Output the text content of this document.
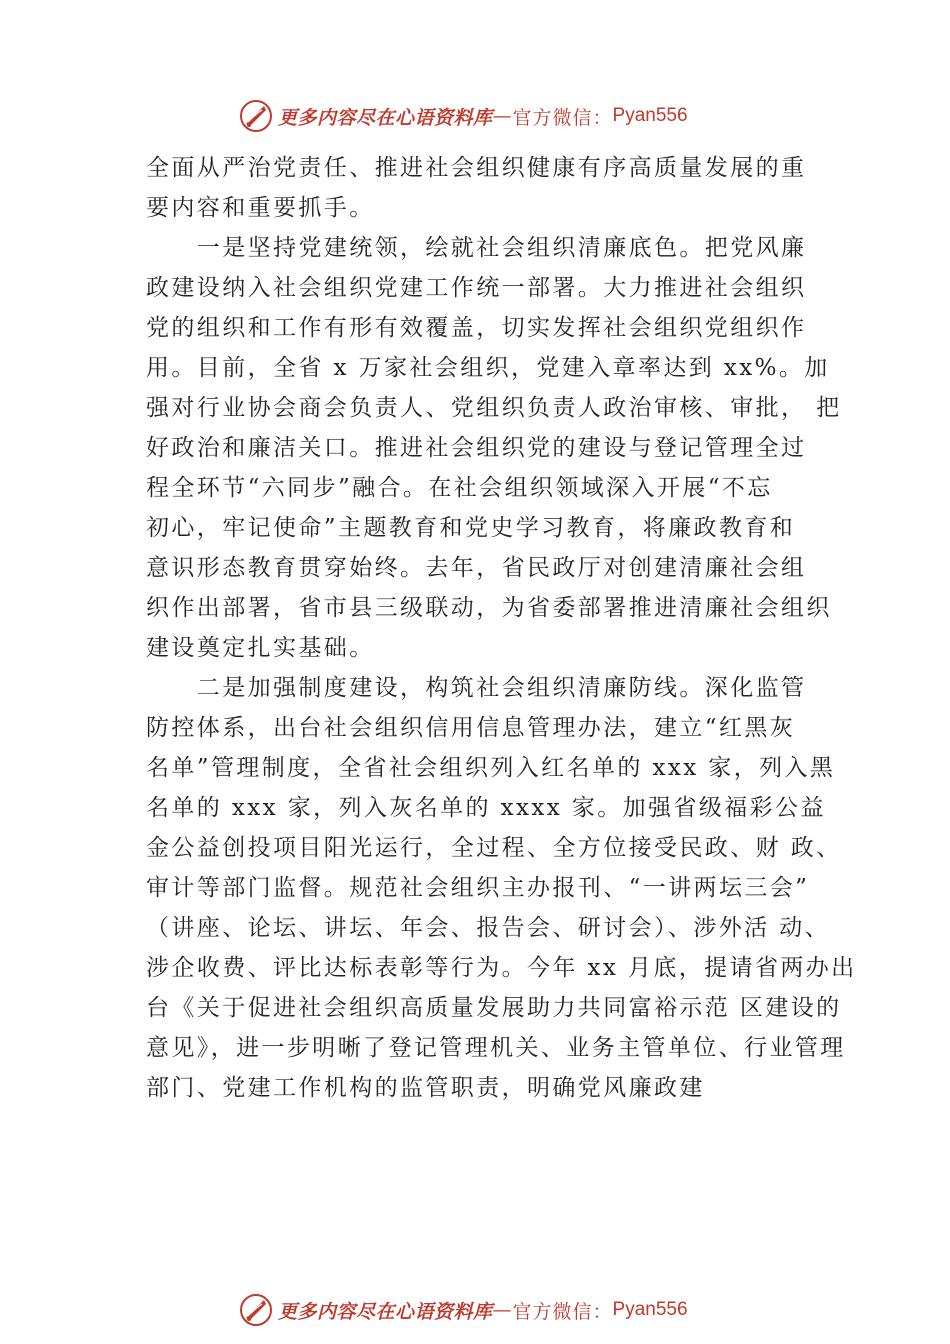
更多内容尽在心语资料库 — 官方微信： Pyan556
全面从严治党责任、推进社会组织健康有序高质量发展的重
要内容和重要抓手。
　　一是坚持党建统领，绘就社会组织清廉底色。把党风廉
政建设纳入社会组织党建工作统一部署。大力推进社会组织
党的组织和工作有形有效覆盖，切实发挥社会组织党组织作
用。目前，全省 x 万家社会组织，党建入章率达到 xx%。加
强对行业协会商会负责人、党组织负责人政治审核、审批， 把
好政治和廉洁关口。推进社会组织党的建设与登记管理全过
程全环节“六同步”融合。在社会组织领域深入开展“不忘
初心，牢记使命”主题教育和党史学习教育，将廉政教育和
意识形态教育贯穿始终。去年，省民政厅对创建清廉社会组
织作出部署，省市县三级联动，为省委部署推进清廉社会组织
建设奠定扎实基础。
　　二是加强制度建设，构筑社会组织清廉防线。深化监管
防控体系，出台社会组织信用信息管理办法，建立“红黑灰
名单”管理制度，全省社会组织列入红名单的 xxx 家，列入黑
名单的 xxx 家，列入灰名单的 xxxx 家。加强省级福彩公益
金公益创投项目阳光运行，全过程、全方位接受民政、财 政、
审计等部门监督。规范社会组织主办报刊、“一讲两坛三会”
（讲座、论坛、讲坛、年会、报告会、研讨会）、涉外活 动、
涉企收费、评比达标表彰等行为。今年 xx 月底，提请省两办出
台《关于促进社会组织高质量发展助力共同富裕示范 区建设的
意见》，进一步明晰了登记管理机关、业务主管单位、行业管理
部门、党建工作机构的监管职责，明确党风廉政建
更多内容尽在心语资料库 — 官方微信： Pyan556
